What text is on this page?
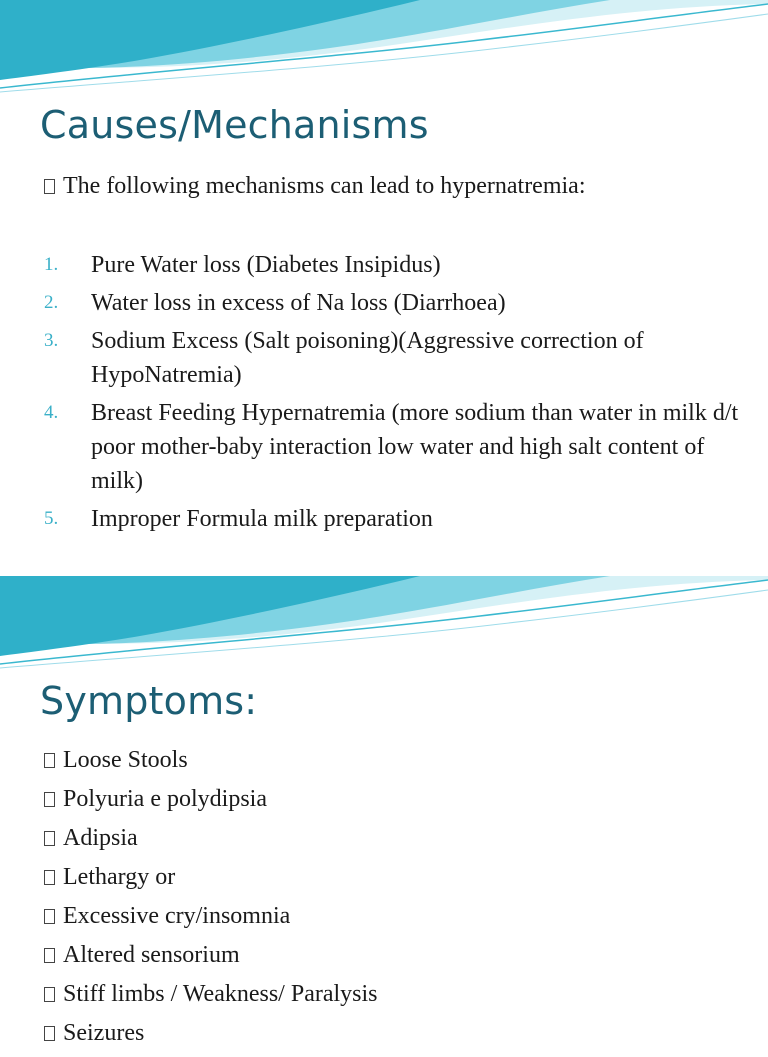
Causes/Mechanisms
The following mechanisms can lead to hypernatremia:
1.	Pure Water loss (Diabetes Insipidus)
2.	Water loss in excess of Na loss (Diarrhoea)
3.	Sodium Excess (Salt poisoning)(Aggressive correction of HypoNatremia)
4.	Breast Feeding Hypernatremia (more sodium than water in milk d/t poor mother-baby interaction low water and high salt content of milk)
5.	Improper Formula milk preparation
Symptoms:
Loose Stools
Polyuria e polydipsia
Adipsia
Lethargy or
Excessive cry/insomnia
Altered sensorium
Stiff limbs / Weakness/ Paralysis
Seizures
